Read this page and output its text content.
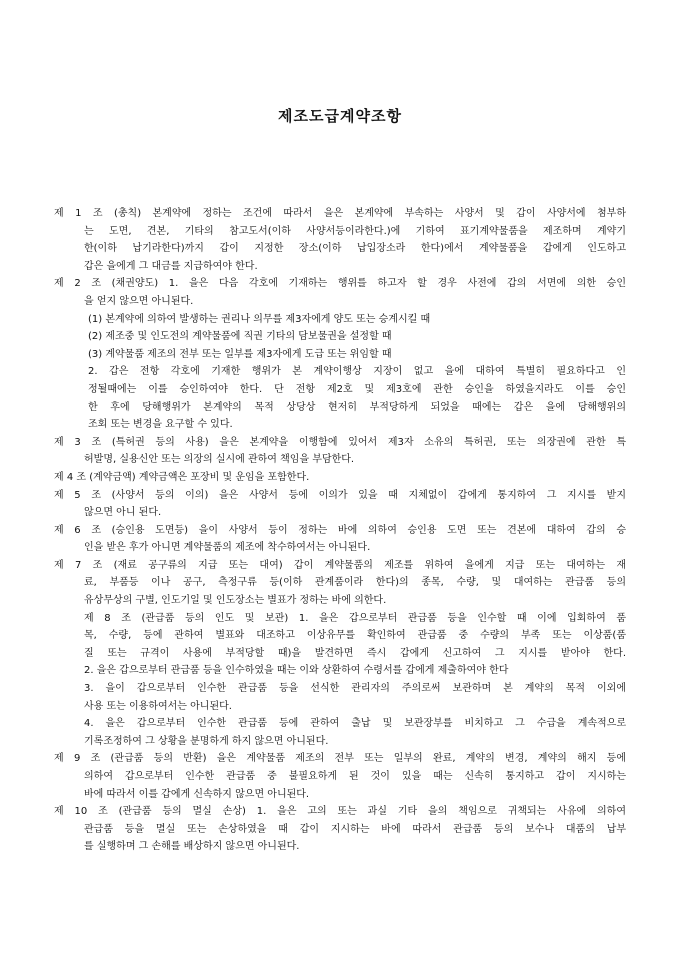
제조도급계약조항
제 1 조 (총칙) 본계약에 정하는 조건에 따라서 을은 본계약에 부속하는 사양서 및 갑이 사양서에 첨부하
는 도면, 견본, 기타의 참고도서(이하 사양서등이라한다.)에 기하여 표기계약물품을 제조하며 계약기
한(이하 납기라한다)까지 갑이 지정한 장소(이하 납입장소라 한다)에서 계약물품을 갑에게 인도하고
갑은 을에게 그 대금를 지급하여야 한다.
제 2 조 (채권양도) 1. 을은 다음 각호에 기재하는 행위를 하고자 할 경우 사전에 갑의 서면에 의한 승인
을 얻지 않으면 아니된다.
(1) 본계약에 의하여 발생하는 권리나 의무를 제3자에게 양도 또는 승계시킬 때
(2) 제조중 및 인도전의 계약물품에 직권 기타의 담보물권을 설정할 때
(3) 계약물품 제조의 전부 또는 일부를 제3자에게 도급 또는 위임할 때
2. 갑은 전항 각호에 기재한 행위가 본 계약이행상 지장이 없고 을에 대하여 특별히 필요하다고 인
정될때에는 이를 승인하여야 한다. 단 전항 제2호 및 제3호에 관한 승인을 하였을지라도 이를 승인
한 후에 당해행위가 본계약의 목적 상당상 현저히 부적당하게 되었을 때에는 갑은 을에 당해행위의
조회 또는 변경을 요구할 수 있다.
제 3 조 (특허권 등의 사용) 을은 본계약을 이행함에 있어서 제3자 소유의 특허권, 또는 의장권에 관한 특
허발명, 실용신안 또는 의장의 실시에 관하여 책임을 부담한다.
제 4 조 (계약금액) 계약금액은 포장비 및 운임을 포함한다.
제 5 조 (사양서 등의 이의) 을은 사양서 등에 이의가 있을 때 지체없이 갑에게 통지하여 그 지시를 받지
않으면 아니 된다.
제 6 조 (승인용 도면등) 을이 사양서 등이 정하는 바에 의하여 승인용 도면 또는 견본에 대하여 갑의 승
인을 받은 후가 아니면 계약물품의 제조에 착수하여서는 아니된다.
제 7 조 (재료 공구류의 지급 또는 대여) 갑이 계약물품의 제조를 위하여 을에게 지급 또는 대여하는 재
료, 부품등 이나 공구, 측정구류 등(이하 관계품이라 한다)의 종목, 수량, 및 대여하는 관급품 등의
유상무상의 구별, 인도기일 및 인도장소는 별표가 정하는 바에 의한다.
제 8 조 (관급품 등의 인도 및 보관) 1. 을은 갑으로부터 관급품 등을 인수할 때 이에 입회하여 품
목, 수량, 등에 관하여 별표와 대조하고 이상유무를 확인하여 관급품 중 수량의 부족 또는 이상품(품
질 또는 규격이 사용에 부적당할 때)을 발견하면 즉시 갑에게 신고하여 그 지시를 받아야 한다.
2. 을은 갑으로부터 관급품 등을 인수하였을 때는 이와 상환하여 수령서를 갑에게 제출하여야 한다
3. 을이 갑으로부터 인수한 관급품 등을 선식한 관리자의 주의로써 보관하며 본 계약의 목적 이외에
사용 또는 이용하여서는 아니된다.
4. 을은 갑으로부터 인수한 관급품 등에 관하여 출납 및 보관장부를 비치하고 그 수급을 계속적으로
기록조정하여 그 상황을 분명하게 하지 않으면 아니된다.
제 9 조 (관급품 등의 반환) 을은 계약물품 제조의 전부 또는 일부의 완료, 계약의 변경, 계약의 해지 등에
의하여 갑으로부터 인수한 관급품 중 불필요하게 된 것이 있을 때는 신속히 통지하고 갑이 지시하는
바에 따라서 이를 갑에게 신속하지 않으면 아니된다.
제 10 조 (관급품 등의 멸실 손상) 1. 을은 고의 또는 과실 기타 을의 책임으로 귀책되는 사유에 의하여
관급품 등을 멸실 또는 손상하였을 때 갑이 지시하는 바에 따라서 관급품 등의 보수나 대품의 납부
를 실행하며 그 손해를 배상하지 않으면 아니된다.
